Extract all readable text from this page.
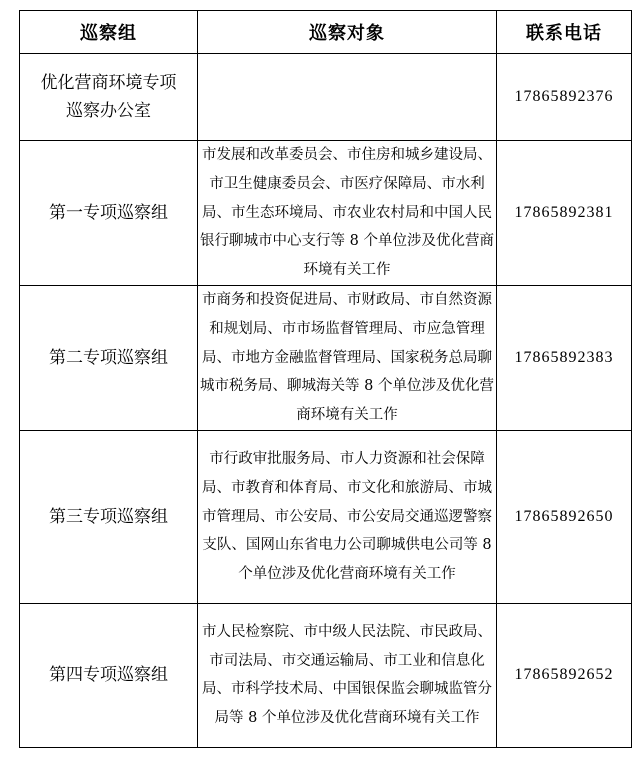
巡察组	巡察对象	联系电话
优化营商环境专项巡察办公室		17865892376
第一专项巡察组	市发展和改革委员会、市住房和城乡建设局、市卫生健康委员会、市医疗保障局、市水利局、市生态环境局、市农业农村局和中国人民银行聊城市中心支行等 8 个单位涉及优化营商环境有关工作	17865892381
第二专项巡察组	市商务和投资促进局、市财政局、市自然资源和规划局、市市场监督管理局、市应急管理局、市地方金融监督管理局、国家税务总局聊城市税务局、聊城海关等 8 个单位涉及优化营商环境有关工作	17865892383
第三专项巡察组	市行政审批服务局、市人力资源和社会保障局、市教育和体育局、市文化和旅游局、市城市管理局、市公安局、市公安局交通巡逻警察支队、国网山东省电力公司聊城供电公司等 8 个单位涉及优化营商环境有关工作	17865892650
第四专项巡察组	市人民检察院、市中级人民法院、市民政局、市司法局、市交通运输局、市工业和信息化局、市科学技术局、中国银保监会聊城监管分局等 8 个单位涉及优化营商环境有关工作	17865892652
